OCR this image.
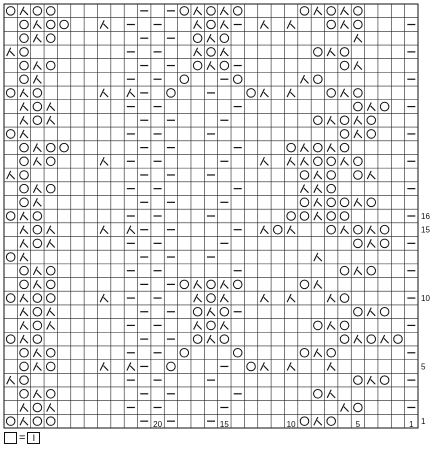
1
5
10
15
16
1
5
10
15
20
= I
